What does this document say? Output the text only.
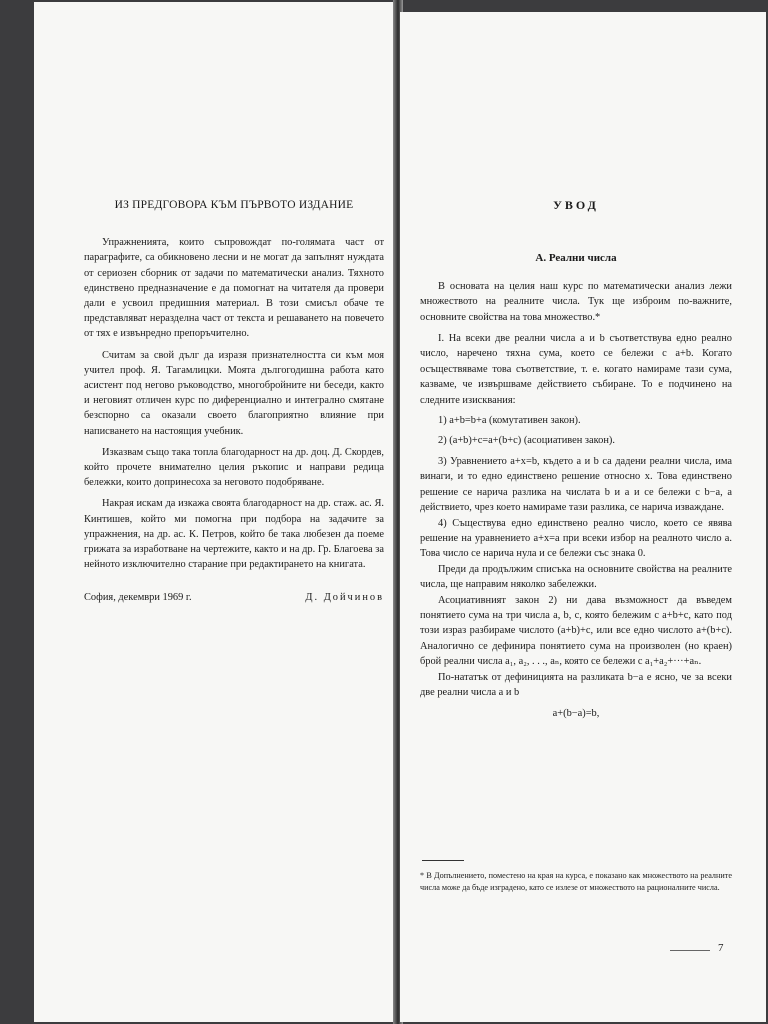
ИЗ ПРЕДГОВОРА КЪМ ПЪРВОТО ИЗДАНИЕ

Упражненията, които съпровождат по-голямата част от параграфите, са обикновено лесни и не могат да запълнят нуждата от сериозен сборник от задачи по математически анализ. Тяхното единствено предназначение е да помогнат на читателя да провери дали е усвоил предишния материал. В този смисъл обаче те представляват неразделна част от текста и решаването на повечето от тях е извънредно препоръчително.

Считам за свой дълг да изразя признателността си към моя учител проф. Я. Тагамлицки. Моята дългогодишна работа като асистент под негово ръководство, многобройните ни беседи, както и неговият отличен курс по диференциално и интегрално смятане безспорно са оказали своето благоприятно влияние при написването на настоящия учебник.

Изказвам също така топла благодарност на др. доц. Д. Скордев, който прочете внимателно целия ръкопис и направи редица бележки, които допринесоха за неговото подобряване.

Накрая искам да изкажа своята благодарност на др. стаж. ас. Я. Кинтишев, който ми помогна при подбора на задачите за упражнения, на др. ас. К. Петров, който бе така любезен да поеме грижата за изработване на чертежите, както и на др. Гр. Благоева за нейното изключително старание при редактирането на книгата.

София, декември 1969 г.	Д. Дойчинов
УВОД
А. Реални числа

В основата на целия наш курс по математически анализ лежи множеството на реалните числа. Тук ще изброим по-важните, основните свойства на това множество.*

I. На всеки две реални числа a и b съответствува едно реално число, наречено тяхна сума, което се бележи с a+b. Когато осъществяваме това съответствие, т. е. когато намираме тази сума, казваме, че извършваме действието събиране. То е подчинено на следните изисквания:

1) a+b=b+a (комутативен закон).

2) (a+b)+c=a+(b+c) (асоциативен закон).

3) Уравнението a+x=b, където a и b са дадени реални числа, има винаги, и то едно единствено решение относно x. Това единствено решение се нарича разлика на числата b и a и се бележи с b−a, а действието, чрез което намираме тази разлика, се нарича изваждане.

4) Съществува едно единствено реално число, което се явява решение на уравнението a+x=a при всеки избор на реалното число a. Това число се нарича нула и се бележи със знака 0.

Преди да продължим списъка на основните свойства на реалните числа, ще направим няколко забележки.

Асоциативният закон 2) ни дава възможност да въведем понятието сума на три числа a, b, c, която бележим с a+b+c, като под този израз разбираме числото (a+b)+c, или все едно числото a+(b+c). Аналогично се дефинира понятието сума на произволен (но краен) брой реални числа a₁, a₂, . . ., aₙ, която се бележи с a₁+a₂+···+aₙ.

По-нататък от дефиницията на разликата b−a е ясно, че за всеки две реални числа a и b

a+(b−a)=b,

* В Допълнението, поместено на края на курса, е показано как множеството на реалните числа може да бъде изградено, като се излезе от множеството на рационалните числа.
7
